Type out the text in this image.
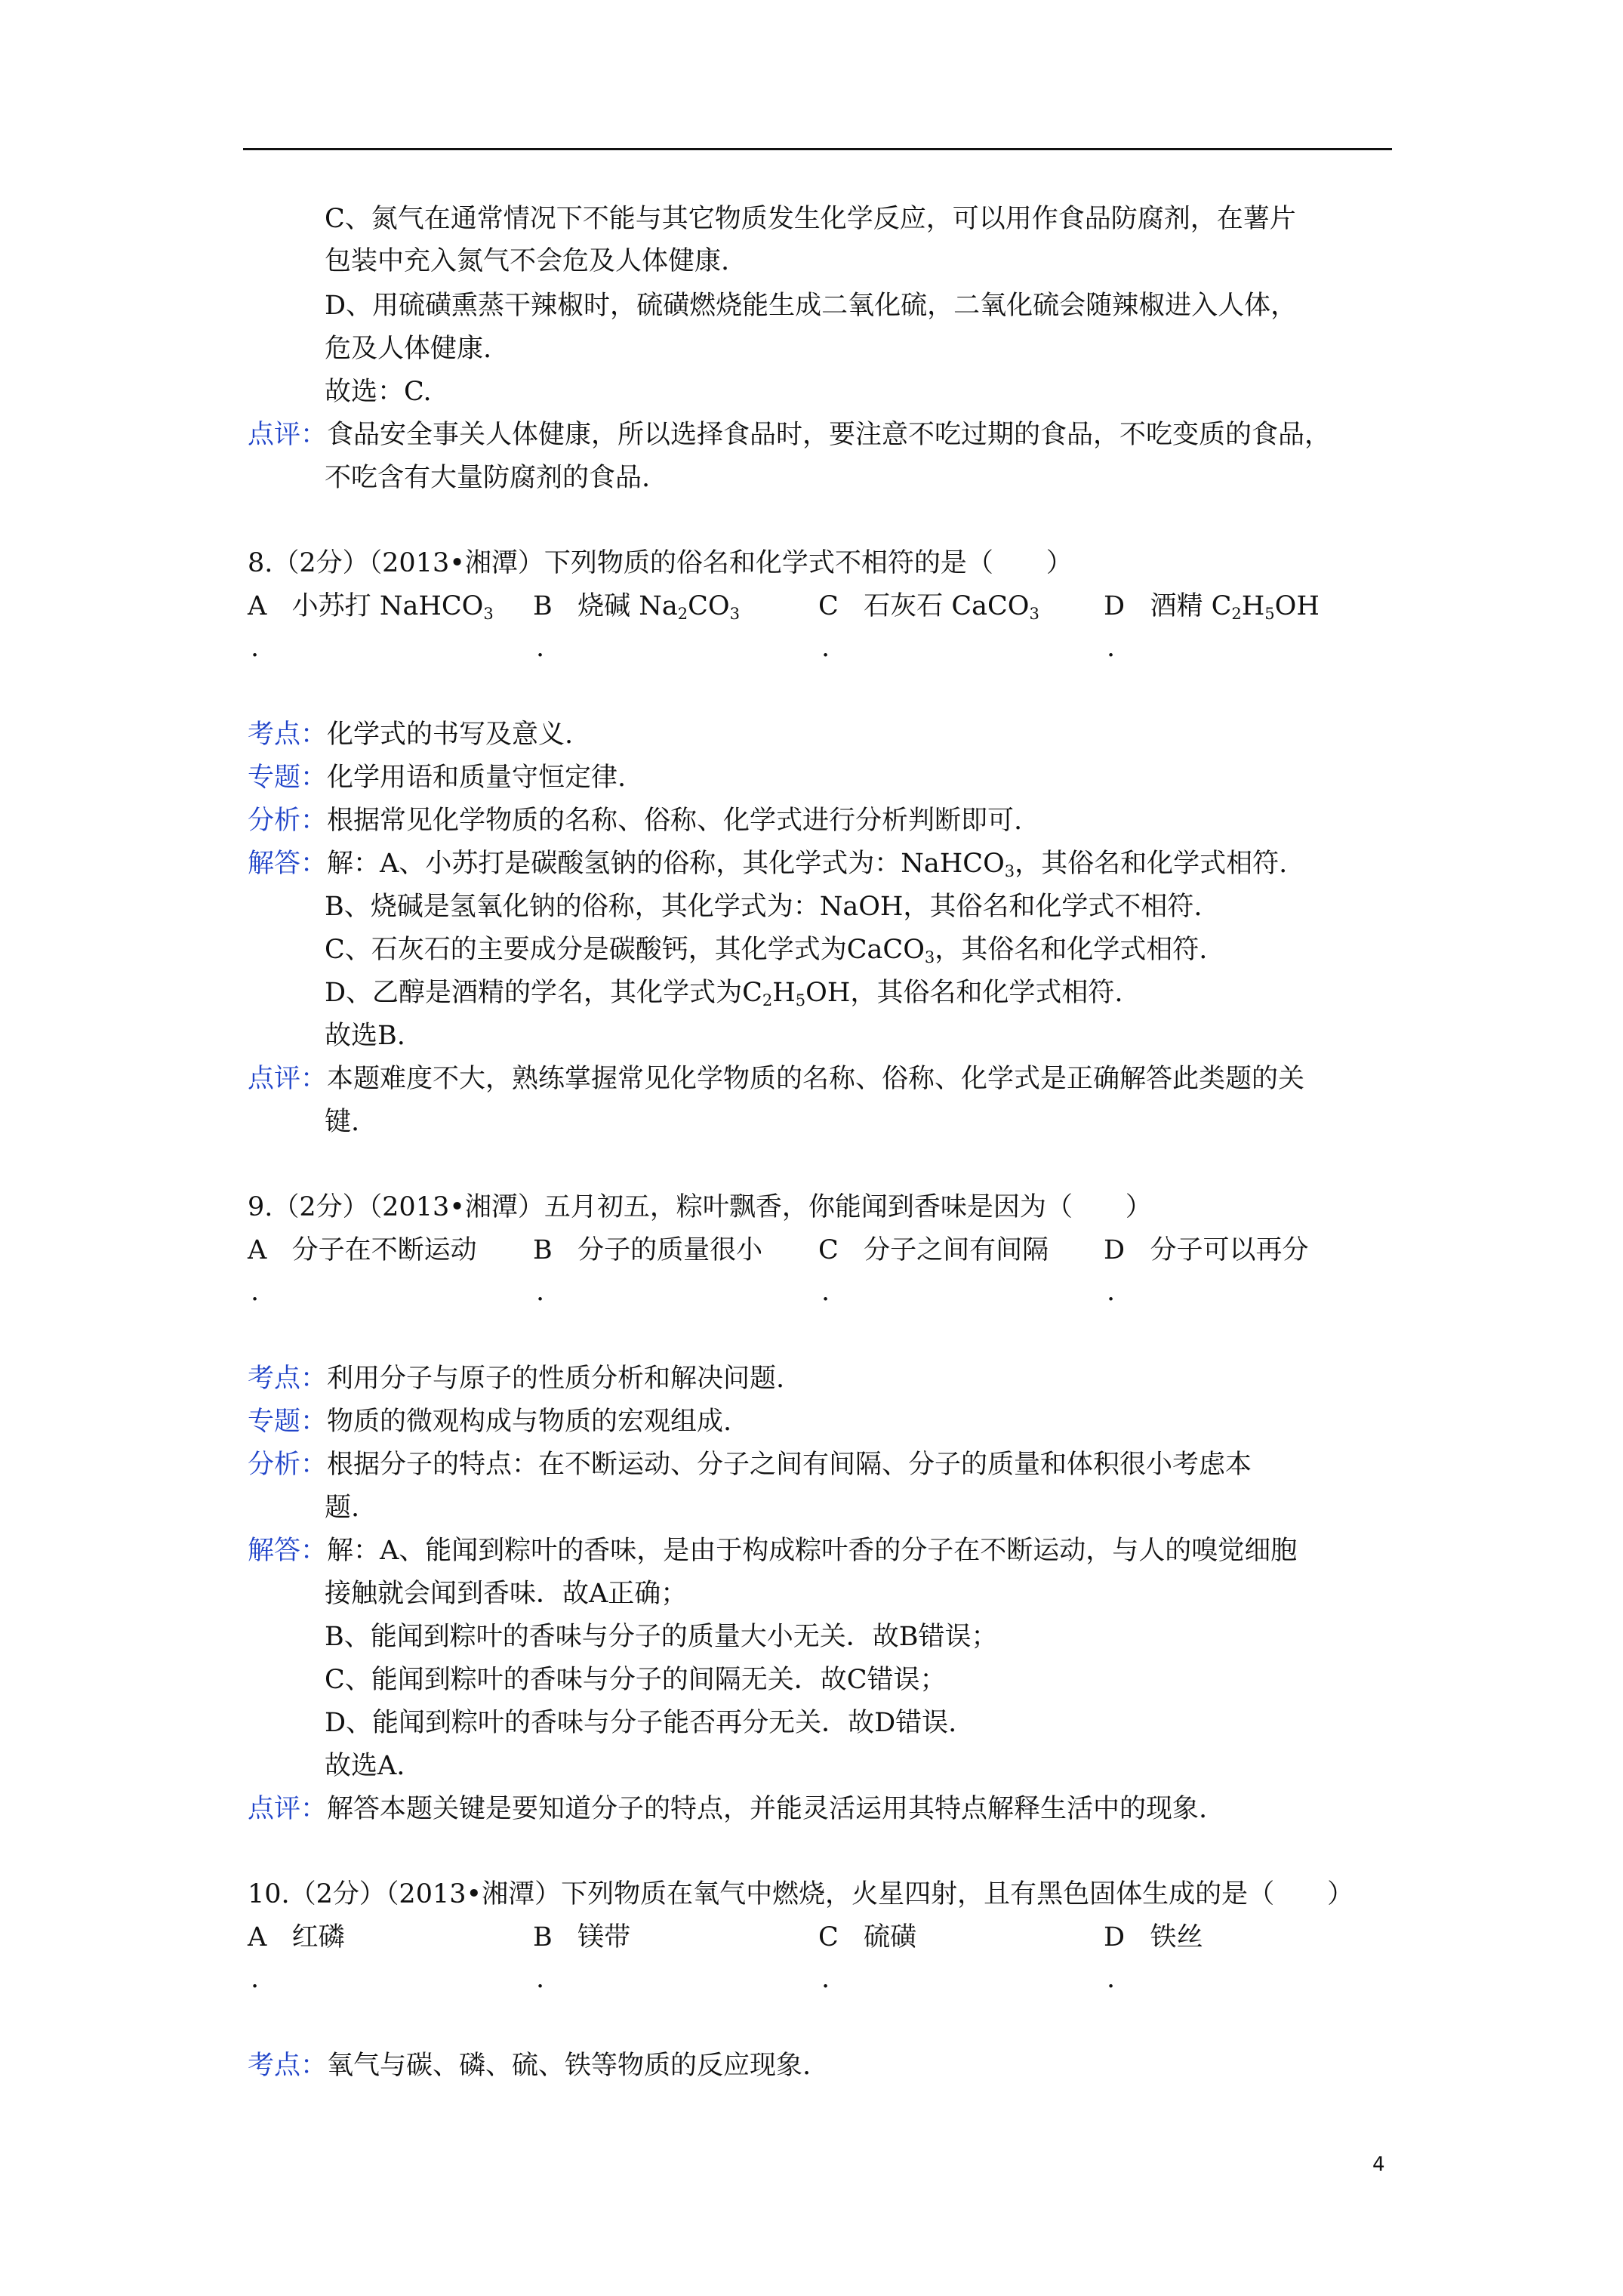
C、氮气在通常情况下不能与其它物质发生化学反应，可以用作食品防腐剂，在薯片
包装中充入氮气不会危及人体健康.
D、用硫磺熏蒸干辣椒时，硫磺燃烧能生成二氧化硫，二氧化硫会随辣椒进入人体，
危及人体健康.
故选：C.
点评：食品安全事关人体健康，所以选择食品时，要注意不吃过期的食品，不吃变质的食品，
不吃含有大量防腐剂的食品.
8.（2分）（2013•湘潭）下列物质的俗名和化学式不相符的是（　　）
A 小苏打 NaHCO$_3$ B 烧碱 $Na_2CO_3$	C 石灰石 CaCO$_3$ D 酒精 $C_2H_5OH$
.	.	.	.
考点：化学式的书写及意义.
专题：化学用语和质量守恒定律.
分析：根据常见化学物质的名称、俗称、化学式进行分析判断即可.
解答：解：A、小苏打是碳酸氢钠的俗称，其化学式为：NaHCO$_3$，其俗名和化学式相符.
B、烧碱是氢氧化钠的俗称，其化学式为：NaOH，其俗名和化学式不相符.
C、石灰石的主要成分是碳酸钙，其化学式为CaCO$_3$，其俗名和化学式相符.
D、乙醇是酒精的学名，其化学式为$C_2H_5OH$，其俗名和化学式相符.
故选B.
点评：本题难度不大，熟练掌握常见化学物质的名称、俗称、化学式是正确解答此类题的关
键.
9.（2分）（2013•湘潭）五月初五，粽叶飘香，你能闻到香味是因为（　　）
A 分子在不断运动 B 分子的质量很小 C 分子之间有间隔 D 分子可以再分
.	.	.	.
考点：利用分子与原子的性质分析和解决问题.
专题：物质的微观构成与物质的宏观组成.
分析：根据分子的特点：在不断运动、分子之间有间隔、分子的质量和体积很小考虑本
题.
解答：解：A、能闻到粽叶的香味，是由于构成粽叶香的分子在不断运动，与人的嗅觉细胞
接触就会闻到香味．故A正确；
B、能闻到粽叶的香味与分子的质量大小无关．故B错误；
C、能闻到粽叶的香味与分子的间隔无关．故C错误；
D、能闻到粽叶的香味与分子能否再分无关．故D错误.
故选A.
点评：解答本题关键是要知道分子的特点，并能灵活运用其特点解释生活中的现象.
10.（2分）（2013•湘潭）下列物质在氧气中燃烧，火星四射，且有黑色固体生成的是（　　）
A 红磷	B 镁带	C 硫磺	D 铁丝
.	.	.	.
考点：氧气与碳、磷、硫、铁等物质的反应现象.
4
